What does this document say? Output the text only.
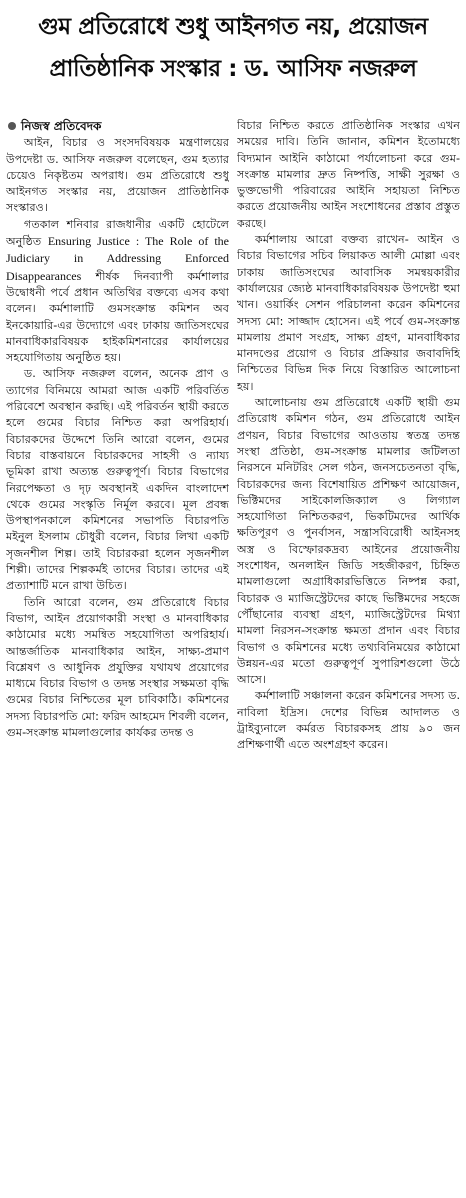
গুম প্রতিরোধে শুধু আইনগত নয়, প্রয়োজন
প্রাতিষ্ঠানিক সংস্কার : ড. আসিফ নজরুল

নিজস্ব প্রতিবেদক

আইন, বিচার ও সংসদবিষয়ক মন্ত্রণালয়ের উপদেষ্টা ড. আসিফ নজরুল বলেছেন, গুম হত্যার চেয়েও নিকৃষ্টতম অপরাধ। গুম প্রতিরোধে শুধু আইনগত সংস্কার নয়, প্রয়োজন প্রাতিষ্ঠানিক সংস্কারও।

গতকাল শনিবার রাজধানীর একটি হোটেলে অনুষ্ঠিত Ensuring Justice : The Role of the Judiciary in Addressing Enforced Disappearances শীর্ষক দিনব্যাপী কর্মশালার উদ্বোধনী পর্বে প্রধান অতিথির বক্তব্যে এসব কথা বলেন। কর্মশালাটি গুমসংক্রান্ত কমিশন অব ইনকোয়ারি-এর উদ্যোগে এবং ঢাকায় জাতিসংঘের মানবাধিকারবিষয়ক হাইকমিশনারের কার্যালয়ের সহযোগিতায় অনুষ্ঠিত হয়।

ড. আসিফ নজরুল বলেন, অনেক প্রাণ ও ত্যাগের বিনিময়ে আমরা আজ একটি পরিবর্তিত পরিবেশে অবস্থান করছি। এই পরিবর্তন স্থায়ী করতে হলে গুমের বিচার নিশ্চিত করা অপরিহার্য। বিচারকদের উদ্দেশে তিনি আরো বলেন, গুমের বিচার বাস্তবায়নে বিচারকদের সাহসী ও ন্যায্য ভূমিকা রাখা অত্যন্ত গুরুত্বপূর্ণ। বিচার বিভাগের নিরপেক্ষতা ও দৃঢ় অবস্থানই একদিন বাংলাদেশ থেকে গুমের সংস্কৃতি নির্মূল করবে। মূল প্রবন্ধ উপস্থাপনকালে কমিশনের সভাপতি বিচারপতি মইনুল ইসলাম চৌধুরী বলেন, বিচার লিখা একটি সৃজনশীল শিল্প। তাই বিচারকরা হলেন সৃজনশীল শিল্পী। তাদের শিল্পকর্মই তাদের বিচার। তাদের এই প্রত্যাশাটি মনে রাখা উচিত।

তিনি আরো বলেন, গুম প্রতিরোধে বিচার বিভাগ, আইন প্রয়োগকারী সংস্থা ও মানবাধিকার কাঠামোর মধ্যে সমন্বিত সহযোগিতা অপরিহার্য। আন্তর্জাতিক মানবাধিকার আইন, সাক্ষ্য-প্রমাণ বিশ্লেষণ ও আধুনিক প্রযুক্তির যথাযথ প্রয়োগের মাধ্যমে বিচার বিভাগ ও তদন্ত সংস্থার সক্ষমতা বৃদ্ধি গুমের বিচার নিশ্চিতের মূল চাবিকাঠি। কমিশনের সদস্য বিচারপতি মো: ফরিদ আহমেদ শিবলী বলেন, গুম-সংক্রান্ত মামলাগুলোর কার্যকর তদন্ত ও

বিচার নিশ্চিত করতে প্রাতিষ্ঠানিক সংস্কার এখন সময়ের দাবি। তিনি জানান, কমিশন ইতোমধ্যে বিদ্যমান আইনি কাঠামো পর্যালোচনা করে গুম-সংক্রান্ত মামলার দ্রুত নিষ্পত্তি, সাক্ষী সুরক্ষা ও ভুক্তভোগী পরিবারের আইনি সহায়তা নিশ্চিত করতে প্রয়োজনীয় আইন সংশোধনের প্রস্তাব প্রস্তুত করছে।

কর্মশালায় আরো বক্তব্য রাখেন- আইন ও বিচার বিভাগের সচিব লিয়াকত আলী মোল্লা এবং ঢাকায় জাতিসংঘের আবাসিক সমন্বয়কারীর কার্যালয়ের জ্যেষ্ঠ মানবাধিকারবিষয়ক উপদেষ্টা হুমা খান। ওয়ার্কিং সেশন পরিচালনা করেন কমিশনের সদস্য মো: সাজ্জাদ হোসেন। এই পর্বে গুম-সংক্রান্ত মামলায় প্রমাণ সংগ্রহ, সাক্ষ্য গ্রহণ, মানবাধিকার মানদণ্ডের প্রয়োগ ও বিচার প্রক্রিয়ার জবাবদিহি নিশ্চিতের বিভিন্ন দিক নিয়ে বিস্তারিত আলোচনা হয়।

আলোচনায় গুম প্রতিরোধে একটি স্থায়ী গুম প্রতিরোধ কমিশন গঠন, গুম প্রতিরোধে আইন প্রণয়ন, বিচার বিভাগের আওতায় স্বতন্ত্র তদন্ত সংস্থা প্রতিষ্ঠা, গুম-সংক্রান্ত মামলার জটিলতা নিরসনে মনিটরিং সেল গঠন, জনসচেতনতা বৃদ্ধি, বিচারকদের জন্য বিশেষায়িত প্রশিক্ষণ আয়োজন, ভিক্টিমদের সাইকোলজিক্যাল ও লিগ্যাল সহযোগিতা নিশ্চিতকরণ, ভিকটিমদের আর্থিক ক্ষতিপূরণ ও পুনর্বাসন, সন্ত্রাসবিরোধী আইনসহ অস্ত্র ও বিস্ফোরকদ্রব্য আইনের প্রয়োজনীয় সংশোধন, অনলাইন জিডি সহজীকরণ, চিহ্নিত মামলাগুলো অগ্রাধিকারভিত্তিতে নিষ্পন্ন করা, বিচারক ও ম্যাজিস্ট্রেটদের কাছে ভিক্টিমদের সহজে পৌঁছানোর ব্যবস্থা গ্রহণ, ম্যাজিস্ট্রেটদের মিথ্যা মামলা নিরসন-সংক্রান্ত ক্ষমতা প্রদান এবং বিচার বিভাগ ও কমিশনের মধ্যে তথ্যবিনিময়ের কাঠামো উন্নয়ন-এর মতো গুরুত্বপূর্ণ সুপারিশগুলো উঠে আসে।

কর্মশালাটি সঞ্চালনা করেন কমিশনের সদস্য ড. নাবিলা ইদ্রিস। দেশের বিভিন্ন আদালত ও ট্রাইব্যুনালে কর্মরত বিচারকসহ প্রায় ৯০ জন প্রশিক্ষণার্থী এতে অংশগ্রহণ করেন।
